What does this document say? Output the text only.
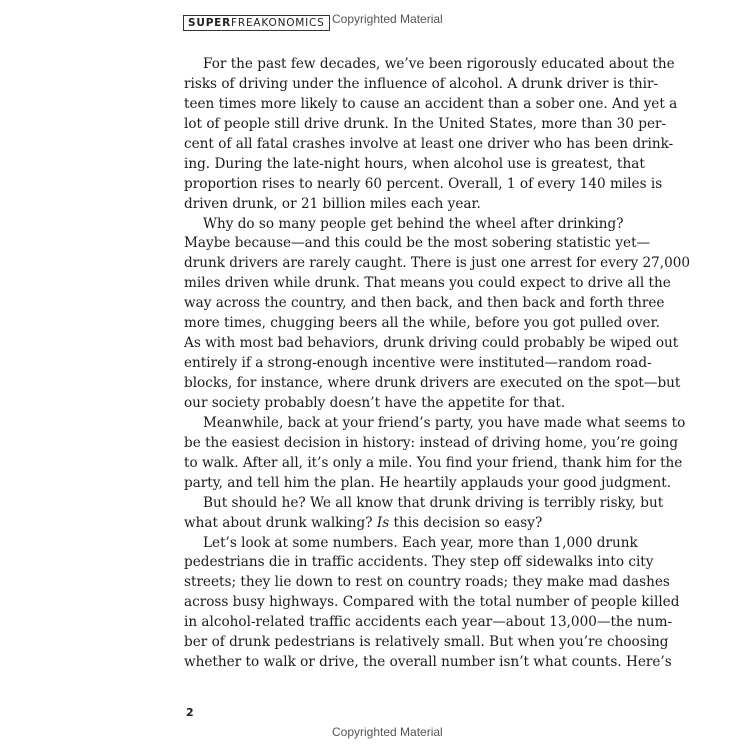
SUPERFREAKONOMICS Copyrighted Material
For the past few decades, we’ve been rigorously educated about the
risks of driving under the influence of alcohol. A drunk driver is thir-
teen times more likely to cause an accident than a sober one. And yet a
lot of people still drive drunk. In the United States, more than 30 per-
cent of all fatal crashes involve at least one driver who has been drink-
ing. During the late-night hours, when alcohol use is greatest, that
proportion rises to nearly 60 percent. Overall, 1 of every 140 miles is
driven drunk, or 21 billion miles each year.
Why do so many people get behind the wheel after drinking?
Maybe because—and this could be the most sobering statistic yet—
drunk drivers are rarely caught. There is just one arrest for every 27,000
miles driven while drunk. That means you could expect to drive all the
way across the country, and then back, and then back and forth three
more times, chugging beers all the while, before you got pulled over.
As with most bad behaviors, drunk driving could probably be wiped out
entirely if a strong-enough incentive were instituted—random road-
blocks, for instance, where drunk drivers are executed on the spot—but
our society probably doesn’t have the appetite for that.
Meanwhile, back at your friend’s party, you have made what seems to
be the easiest decision in history: instead of driving home, you’re going
to walk. After all, it’s only a mile. You find your friend, thank him for the
party, and tell him the plan. He heartily applauds your good judgment.
But should he? We all know that drunk driving is terribly risky, but
what about drunk walking? Is this decision so easy?
Let’s look at some numbers. Each year, more than 1,000 drunk
pedestrians die in traffic accidents. They step off sidewalks into city
streets; they lie down to rest on country roads; they make mad dashes
across busy highways. Compared with the total number of people killed
in alcohol-related traffic accidents each year—about 13,000—the num-
ber of drunk pedestrians is relatively small. But when you’re choosing
whether to walk or drive, the overall number isn’t what counts. Here’s
2
Copyrighted Material
